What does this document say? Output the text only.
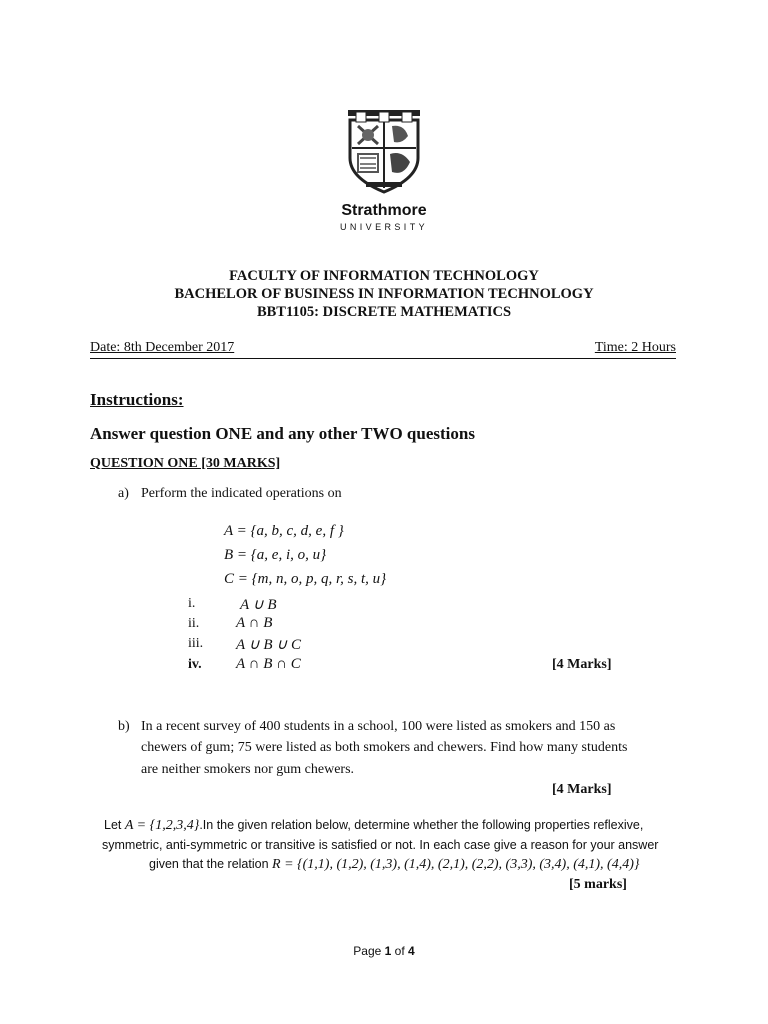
Strathmore
UNIVERSITY
FACULTY OF INFORMATION TECHNOLOGY
BACHELOR OF BUSINESS IN INFORMATION TECHNOLOGY
BBT1105: DISCRETE MATHEMATICS
Date: 8th December 2017	Time: 2 Hours
Instructions:
Answer question ONE and any other TWO questions
QUESTION ONE [30 MARKS]
a) Perform the indicated operations on
A = {a, b, c, d, e, f }
B = {a, e, i, o, u}
C = {m, n, o, p, q, r, s, t, u}
i.	A ∪ B
ii. A ∩ B
iii. A ∪ B ∪ C
iv. A ∩ B ∩ C	[4 Marks]
b) In a recent survey of 400 students in a school, 100 were listed as smokers and 150 as
chewers of gum; 75 were listed as both smokers and chewers. Find how many students
are neither smokers nor gum chewers.
[4 Marks]
Let A = {1,2,3,4}.In the given relation below, determine whether the following properties reflexive,
symmetric, anti-symmetric or transitive is satisfied or not. In each case give a reason for your answer
given that the relation R = {(1,1), (1,2), (1,3), (1,4), (2,1), (2,2), (3,3), (3,4), (4,1), (4,4)}
[5 marks]
Page 1 of 4
